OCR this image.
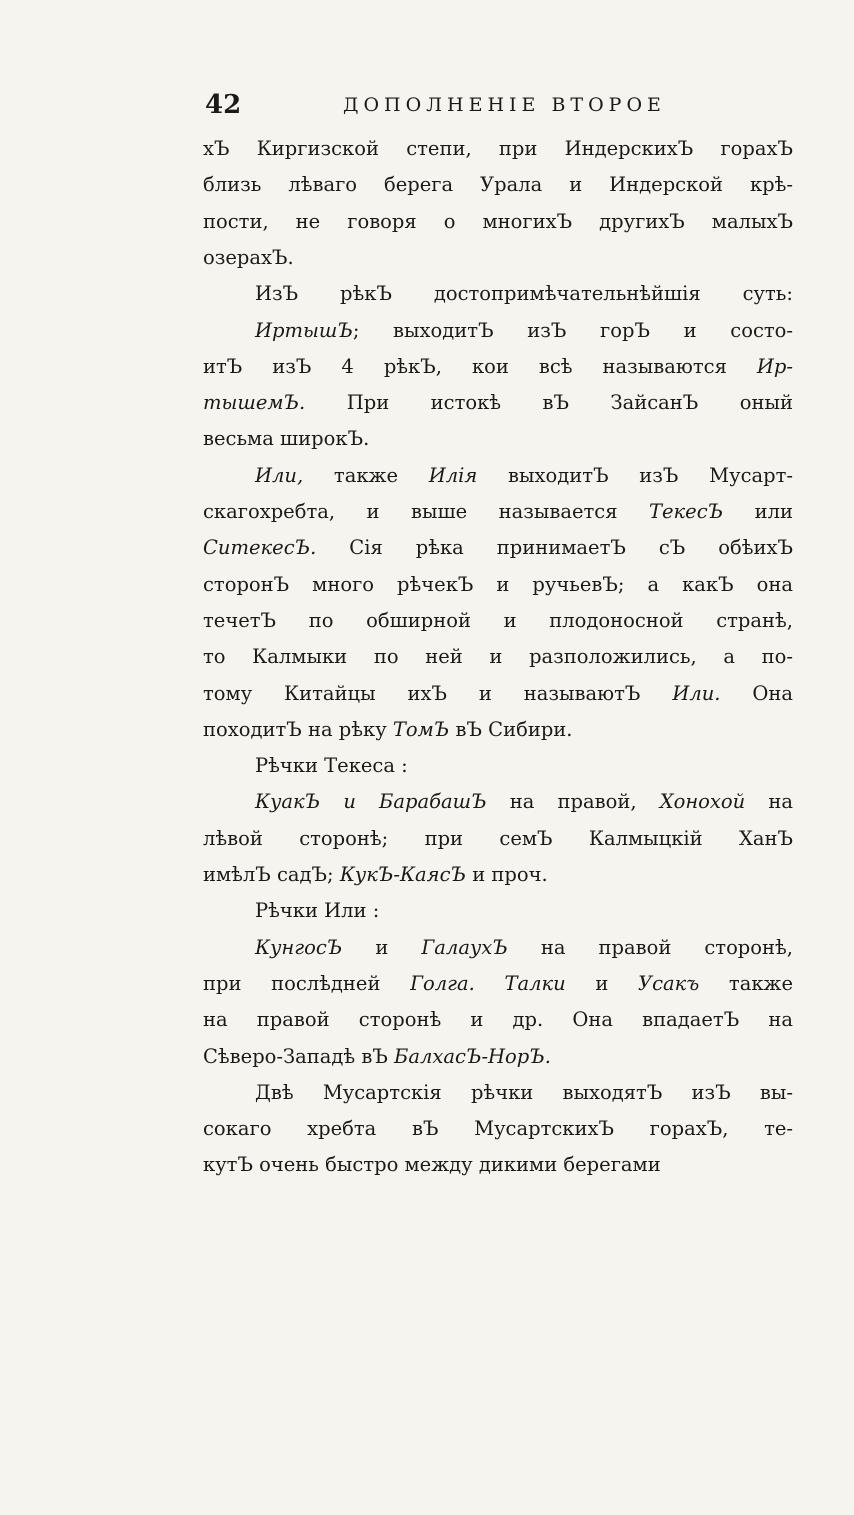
42	ДОПОЛНЕНІЕ ВТОРОЕ
хЪ Киргизской степи, при ИндерскихЪ горахЪ
близь лѣваго берега Урала и Индерской крѣ-
пости, не говоря о многихЪ другихЪ малыхЪ
озерахЪ.
ИзЪ рѣкЪ достопримѣчательнѣйшія суть:
ИртышЪ; выходитЪ изЪ горЪ и состо-
итЪ изЪ 4 рѣкЪ, кои всѣ называются Ир-
тышемЪ. При истокѣ вЪ ЗайсанЪ оный
весьма широкЪ.
Или, также Илія выходитЪ изЪ Мусарт-
скагохребта, и выше называется ТекесЪ или
СитекесЪ. Сія рѣка принимаетЪ сЪ обѣихЪ
сторонЪ много рѣчекЪ и ручьевЪ; а какЪ она
течетЪ по обширной и плодоносной странѣ,
то Калмыки по ней и разположились, а по-
тому Китайцы ихЪ и называютЪ Или. Она
походитЪ на рѣку ТомЪ вЪ Сибири.
Рѣчки Текеса :
КуакЪ и БарабашЪ на правой, Хонохой на
лѣвой сторонѣ; при семЪ Калмыцкій ХанЪ
имѣлЪ садЪ; КукЪ-КаясЪ и проч.
Рѣчки Или :
КунгосЪ и ГалаухЪ на правой сторонѣ,
при послѣдней Голга. Талки и Усакъ также
на правой сторонѣ и др. Она впадаетЪ на
Сѣверо-Западѣ вЪ БалхасЪ-НорЪ.
Двѣ Мусартскія рѣчки выходятЪ изЪ вы-
сокаго хребта вЪ МусартскихЪ горахЪ, те-
кутЪ очень быстро между дикими берегами
